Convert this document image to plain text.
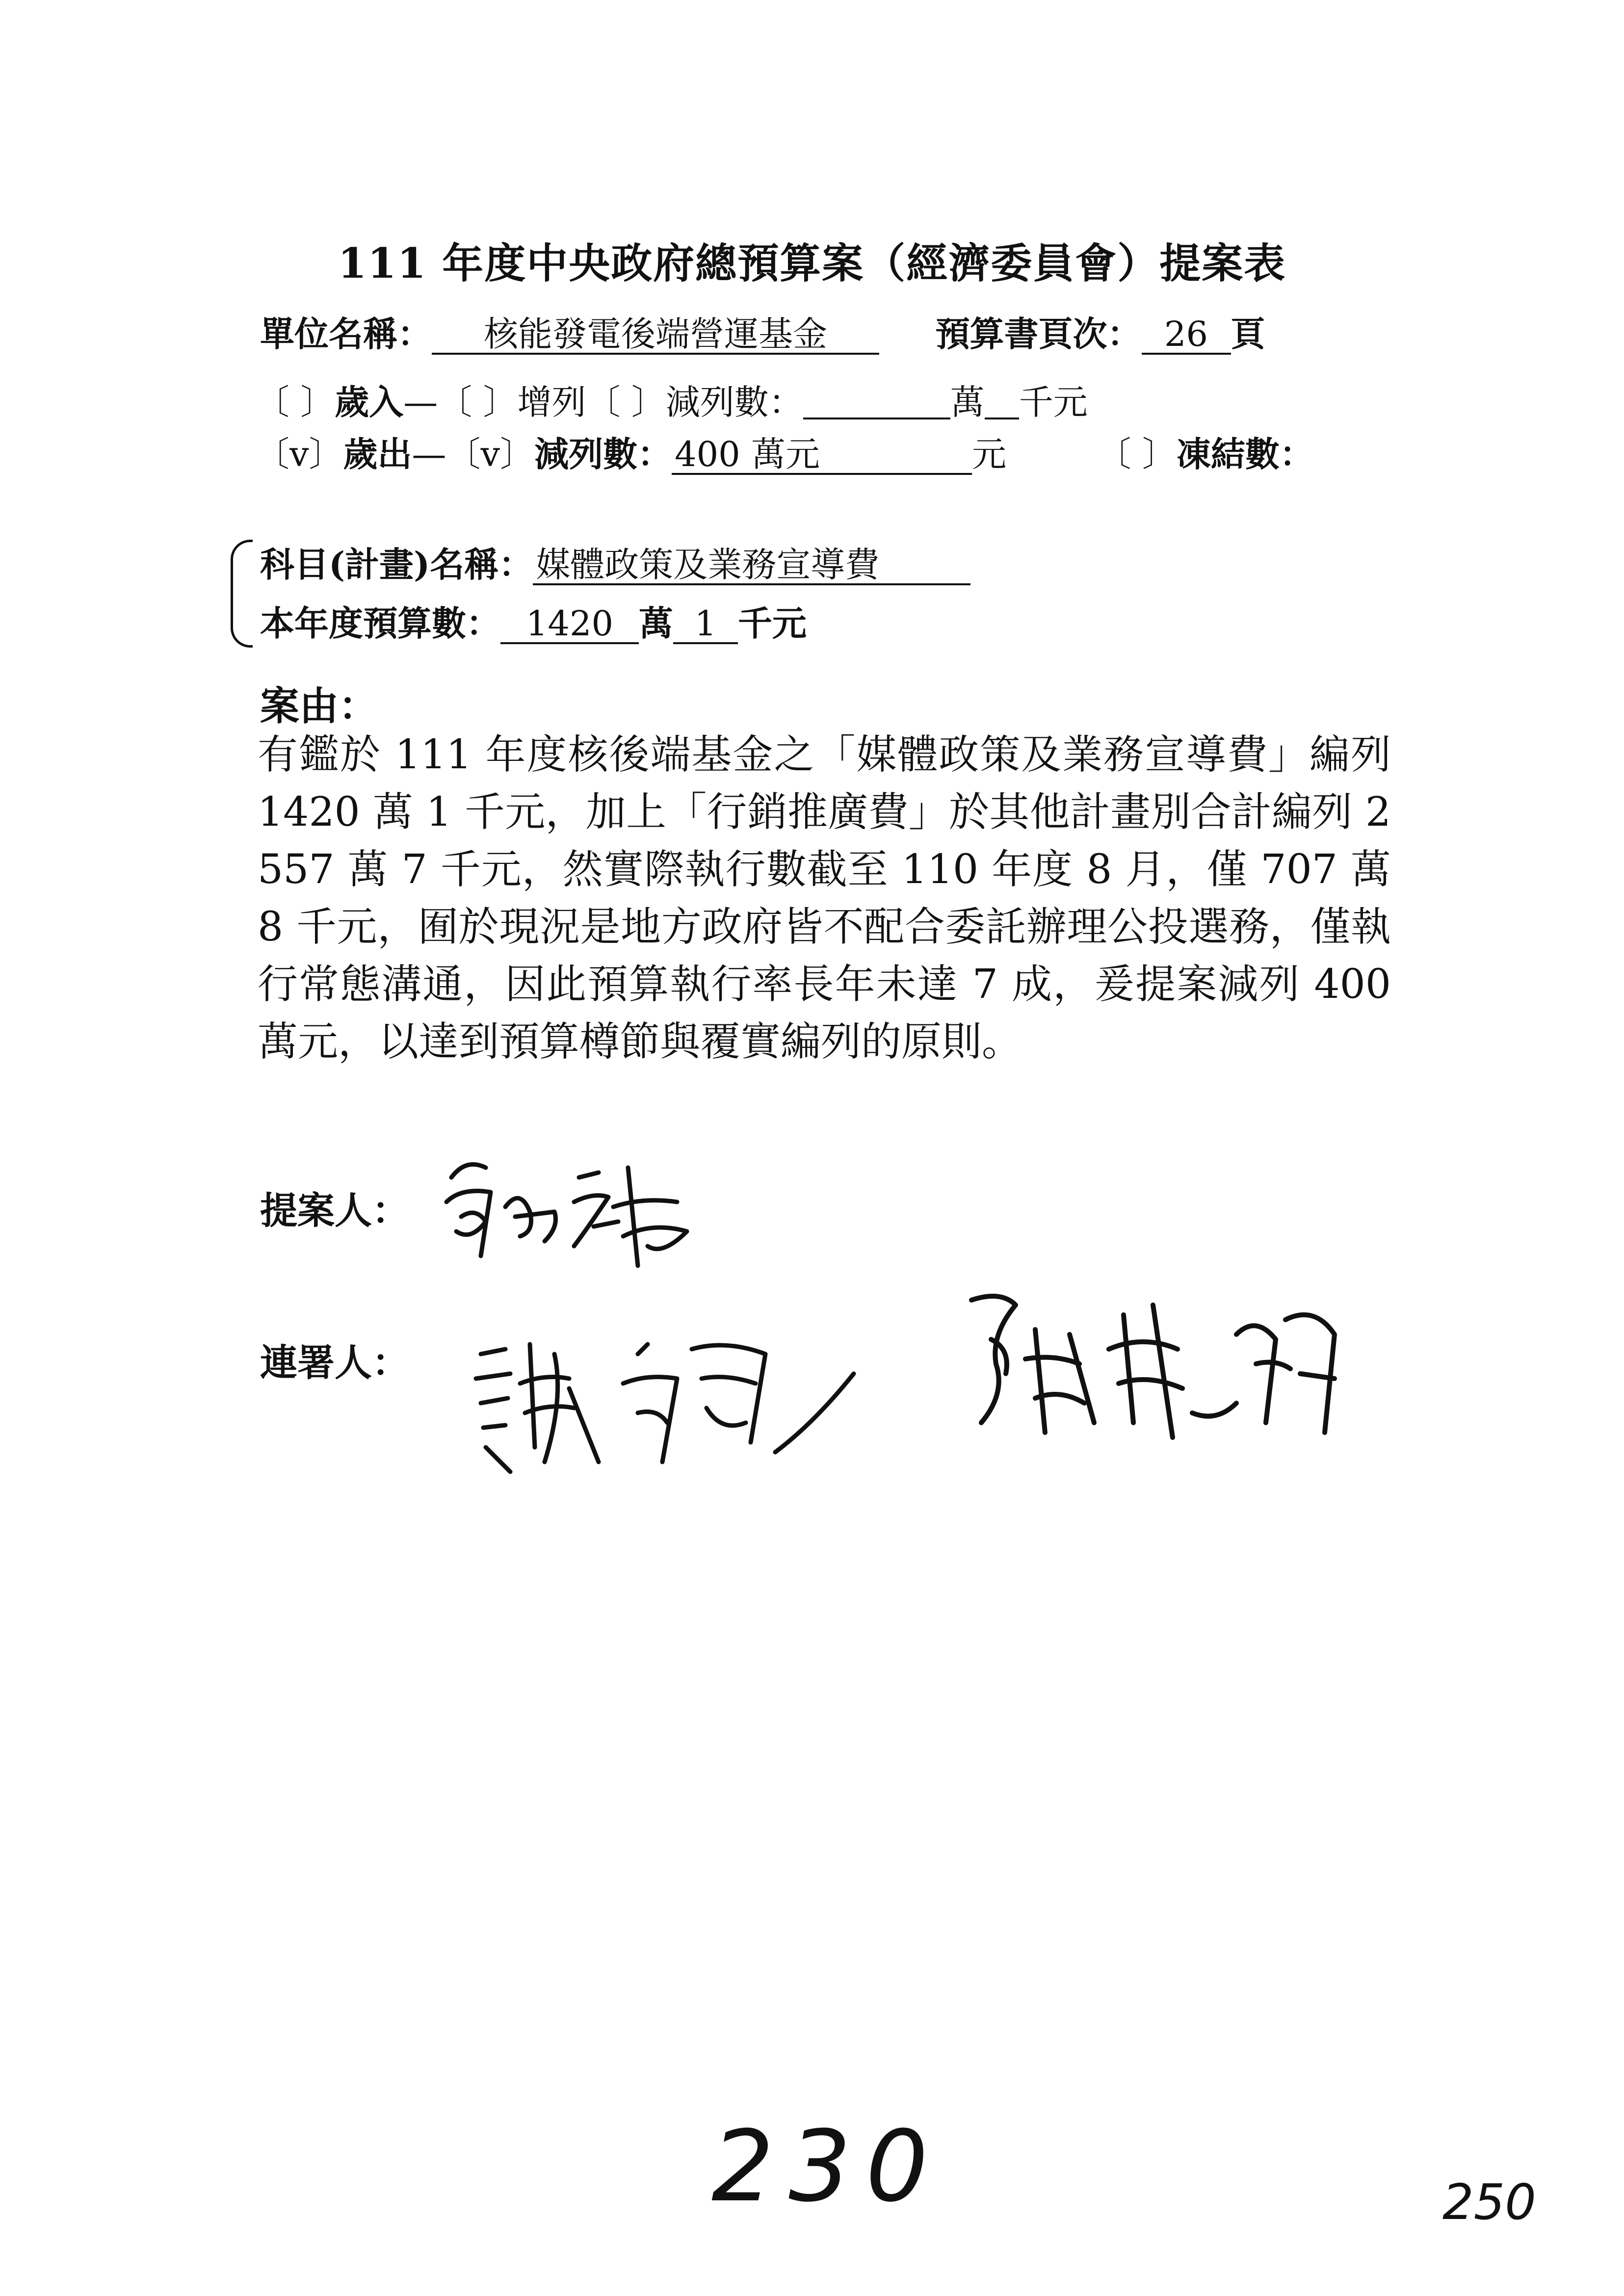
111 年度中央政府總預算案（經濟委員會）提案表
單位名稱： 核能發電後端營運基金	預算書頁次： 26 頁
〔 〕歲入—〔 〕增列〔 〕減列數：	萬 千元
〔v〕歲出—〔v〕減列數：400 萬元	元	〔 〕凍結數：
科目(計畫)名稱：媒體政策及業務宣導費
本年度預算數： 1420 萬 1 千元
案由：
有鑑於 111 年度核後端基金之「媒體政策及業務宣導費」編列 1420 萬 1 千元，加上「行銷推廣費」於其他計畫別合計編列 2557 萬 7 千元，然實際執行數截至 110 年度 8 月，僅 707 萬 8 千元，囿於現況是地方政府皆不配合委託辦理公投選務，僅執行常態溝通，因此預算執行率長年未達 7 成，爰提案減列 400 萬元，以達到預算樽節與覆實編列的原則。
提案人：
連署人：
230	250
